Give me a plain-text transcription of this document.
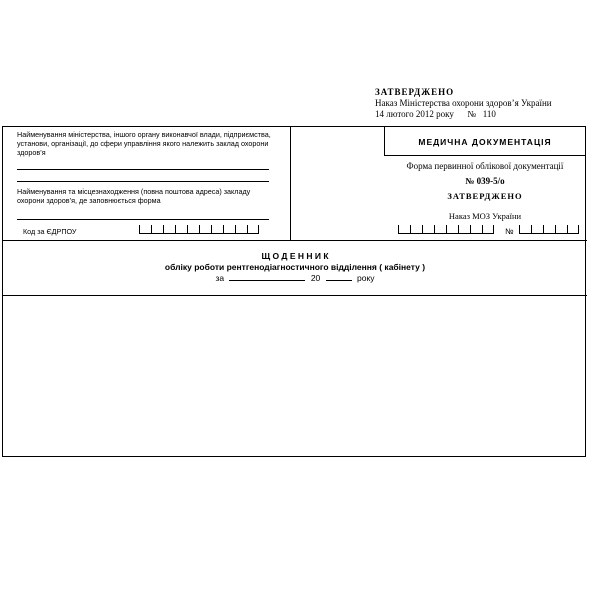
ЗАТВЕРДЖЕНО
Наказ Міністерства охорони здоров’я України
14 лютого 2012 року      №   110
Найменування міністерства, іншого органу виконавчої влади, підприємства, установи, організації, до сфери управління якого належить заклад охорони здоров’я
Найменування та місцезнаходження (повна поштова адреса) закладу охорони здоров’я, де заповнюється форма
Код за ЄДРПОУ
МЕДИЧНА ДОКУМЕНТАЦІЯ
Форма первинної облікової документації
№ 039-5/о
ЗАТВЕРДЖЕНО
Наказ МОЗ України
№
Щ О Д Е Н Н И К
обліку роботи рентгенодіагностичного відділення ( кабінету )
за	20	року
